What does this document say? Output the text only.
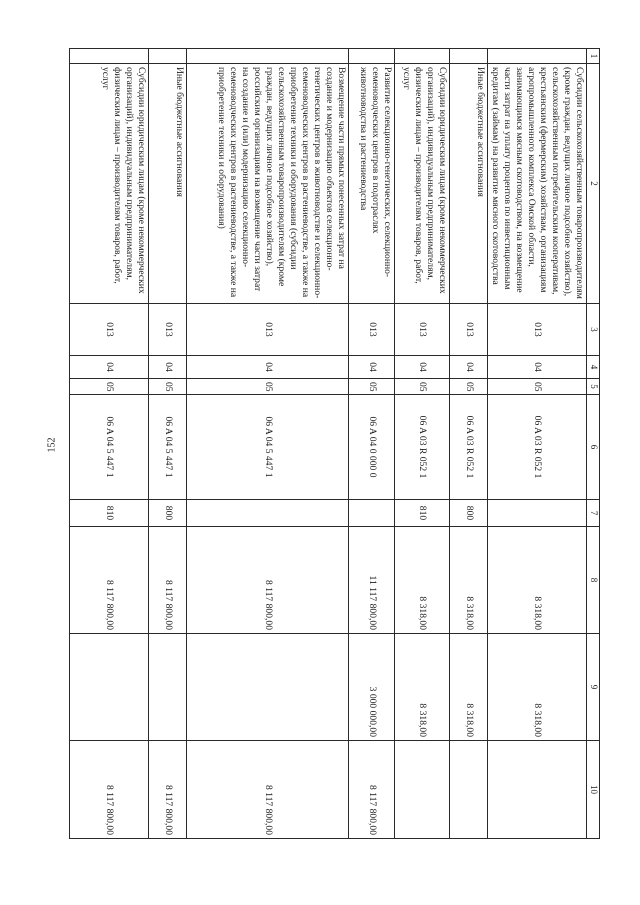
152
1	2	3	4	5	6	7	8	9	10
	Субсидии сельскохозяйственным товаропроизводителям (кроме граждан, ведущих личное подсобное хозяйство), сельскохозяйственным потребительским кооперативам, крестьянским (фермерским) хозяйствам, организациям агропромышленного комплекса Омской области, занимающимся мясным скотоводством, на возмещение части затрат на уплату процентов по инвестиционным кредитам (займам) на развитие мясного скотоводства	013	04	05	06 A 03 R 052 1		8 318,00	8 318,00	
	Иные бюджетные ассигнования	013	04	05	06 A 03 R 052 1	800	8 318,00	8 318,00	
	Субсидии юридическим лицам (кроме некоммерческих организаций), индивидуальным предпринимателям, физическим лицам – производителям товаров, работ, услуг	013	04	05	06 A 03 R 052 1	810	8 318,00	8 318,00	
	Развитие селекционно-генетических, селекционно-семеноводческих центров в подотраслях животноводства и растениеводства	013	04	05	06 A 04 0 000 0		11 117 800,00	3 000 000,00	8 117 800,00
	Возмещение части прямых понесенных затрат на создание и модернизацию объектов селекционно-генетических центров в животноводстве и селекционно-семеноводческих центров в растениеводстве, а также на приобретение техники и оборудования (субсидии сельскохозяйственным товаропроизводителям (кроме граждан, ведущих личное подсобное хозяйство), российским организациям на возмещение части затрат на создание и (или) модернизацию селекционно-семеноводческих центров в растениеводстве, а также на приобретение техники и оборудования)	013	04	05	06 A 04 5 447 1		8 117 800,00		8 117 800,00
	Иные бюджетные ассигнования	013	04	05	06 A 04 5 447 1	800	8 117 800,00		8 117 800,00
	Субсидии юридическим лицам (кроме некоммерческих организаций), индивидуальным предпринимателям, физическим лицам – производителям товаров, работ, услуг	013	04	05	06 A 04 5 447 1	810	8 117 800,00		8 117 800,00
